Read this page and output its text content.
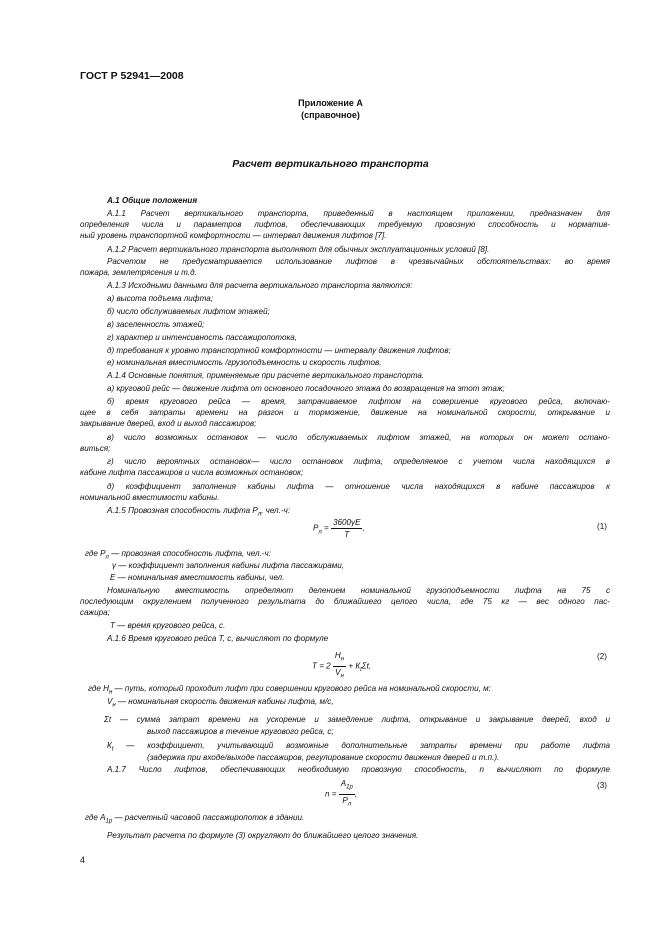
ГОСТ Р 52941—2008
Приложение А
(справочное)
Расчет вертикального транспорта
А.1 Общие положения
А.1.1 Расчет вертикального транспорта, приведенный в настоящем приложении, предназначен для
определения числа и параметров лифтов, обеспечивающих требуемую провозную способность и норматив-
ный уровень транспортной комфортности — интервал движения лифтов [7].
А.1.2 Расчет вертикального транспорта выполняют для обычных эксплуатационных условий [8].
Расчетом не предусматривается использование лифтов в чрезвычайных обстоятельствах: во время
пожара, землетрясения и т.д.
А.1.3 Исходными данными для расчета вертикального транспорта являются:
а) высота подъема лифта;
б) число обслуживаемых лифтом этажей;
в) заселенность этажей;
г) характер и интенсивность пассажиропотока,
д) требования к уровню транспортной комфортности — интервалу движения лифтов;
е) номинальная вместимость /грузоподъемность и скорость лифтов.
А.1.4 Основные понятия, применяемые при расчете вертикального транспорта.
а) круговой рейс — движение лифта от основного посадочного этажа до возвращения на этот этаж;
б) время кругового рейса — время, затрачиваемое лифтом на совершение кругового рейса, включаю-
щее в себя затраты времени на разгон и торможение, движение на номинальной скорости, открывание и
закрывание дверей, вход и выход пассажиров;
в) число возможных остановок — число обслуживаемых лифтом этажей, на которых он может остано-
виться;
г) число вероятных остановок— число остановок лифта, определяемое с учетом числа находящихся в
кабине лифта пассажиров и числа возможных остановок;
д) коэффициент заполнения кабины лифта — отношение числа находящихся в кабине пассажиров к
номинальной вместимости кабины.
А.1.5 Провозная способность лифта $Р_л$, чел.-ч:
$Р_л = \frac{3600\gamma Е}{Т}$ ,	(1)
где $Р_л$ — провозная способность лифта, чел.-ч:
γ — коэффициент заполнения кабины лифта пассажирами,
Е — номинальная вместимость кабины, чел.
Номинальную вместимость определяют делением номинальной грузоподъемности лифта на 75 с
последующим округлением полученного результата до ближайшего целого числа, где 75 кг — вес одного пас-
сажира;
Т — время кругового рейса, с.
А.1.6 Время кругового рейса Т, с, вычисляют по формуле
$Т = 2 \frac{Н_н}{V_н} + К_t\Sigma t$,
(2)
где $Н_н$ — путь, который проходит лифт при совершении кругового рейса на номинальной скорости, м:
$V_н$ — номинальная скорость движения кабины лифта, м/с,
Σt — сумма затрат времени на ускорение и замедление лифта, открывание и закрывание дверей, вход и
выход пассажиров в течение кругового рейса, с;
$К_t$ — коэффициент, учитывающий возможные дополнительные затраты времени при работе лифта
(задержка при входе/выходе пассажиров, регулирование скорости движения дверей и т.п.).
А.1.7 Число лифтов, обеспечивающих необходимую провозную способность, n вычисляют по формуле
$n = \frac{А_{1р}}{Р_л}$ ,
(3)
где $А_{1р}$ — расчетный часовой пассажиропоток в здании.
Результат расчета по формуле (3) округляют до ближайшего целого значения.
4
